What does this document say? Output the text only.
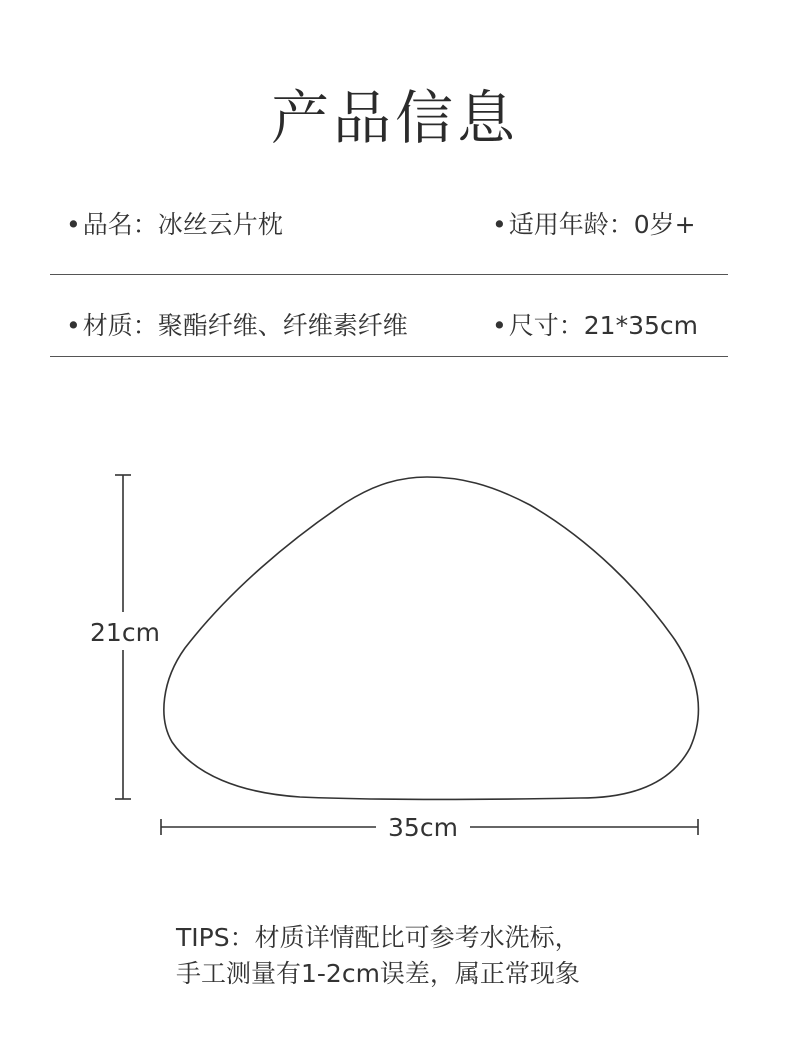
产品信息
•品名：冰丝云片枕	•适用年龄：0岁+
•材质：聚酯纤维、纤维素纤维	•尺寸：21*35cm
21cm
35cm
TIPS：材质详情配比可参考水洗标，
手工测量有1-2cm误差，属正常现象
